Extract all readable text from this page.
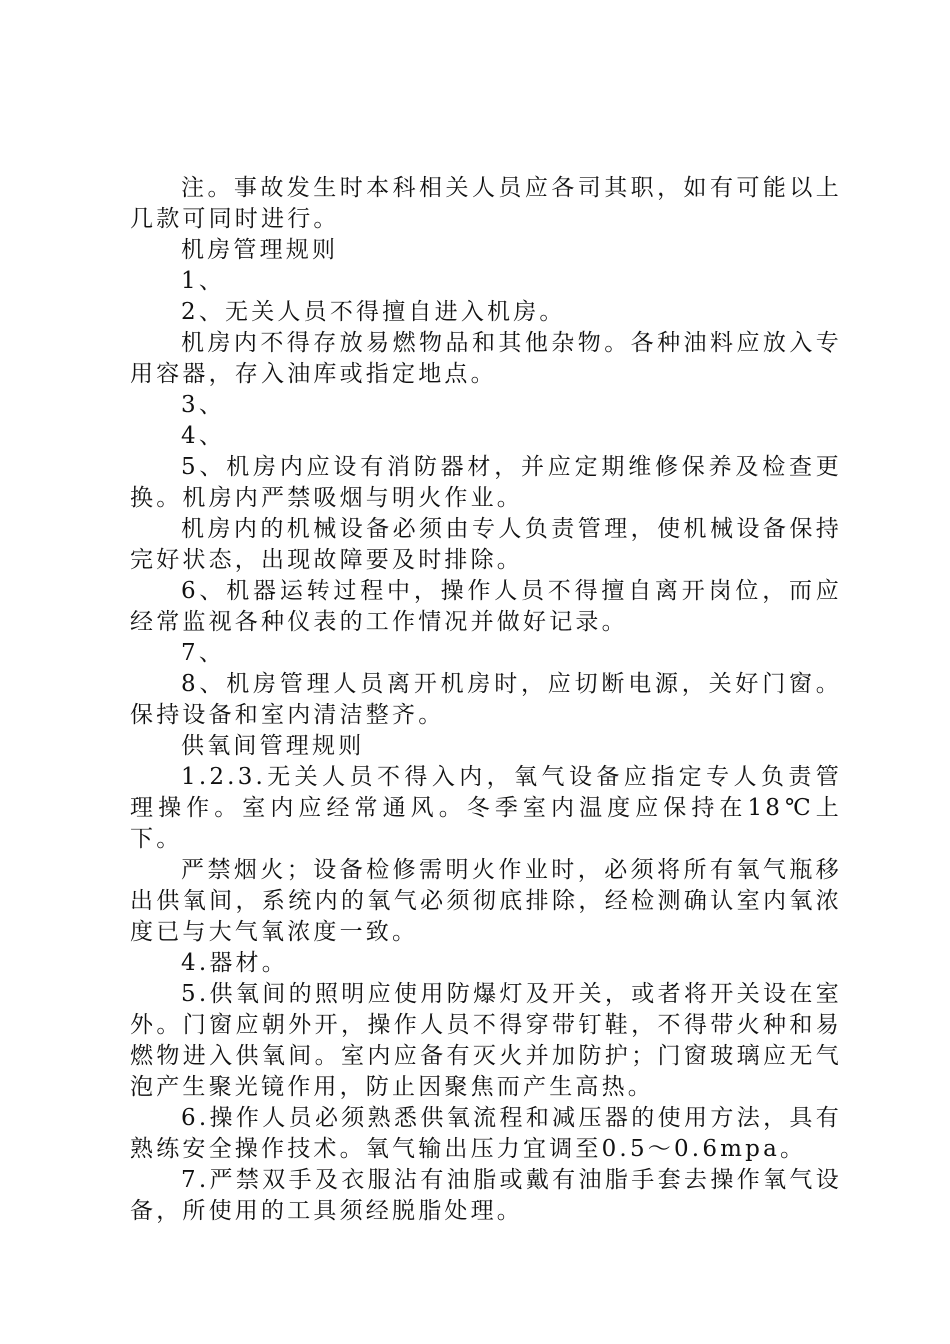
注。事故发生时本科相关人员应各司其职，如有可能以上几款可同时进行。

机房管理规则

1、

2、无关人员不得擅自进入机房。

机房内不得存放易燃物品和其他杂物。各种油料应放入专用容器，存入油库或指定地点。

3、

4、

5、机房内应设有消防器材，并应定期维修保养及检查更换。机房内严禁吸烟与明火作业。

机房内的机械设备必须由专人负责管理，使机械设备保持完好状态，出现故障要及时排除。

6、机器运转过程中，操作人员不得擅自离开岗位，而应经常监视各种仪表的工作情况并做好记录。

7、

8、机房管理人员离开机房时，应切断电源，关好门窗。保持设备和室内清洁整齐。

供氧间管理规则

1.2.3.无关人员不得入内，氧气设备应指定专人负责管理操作。室内应经常通风。冬季室内温度应保持在18℃上下。

严禁烟火；设备检修需明火作业时，必须将所有氧气瓶移出供氧间，系统内的氧气必须彻底排除，经检测确认室内氧浓度已与大气氧浓度一致。

4.器材。

5.供氧间的照明应使用防爆灯及开关，或者将开关设在室外。门窗应朝外开，操作人员不得穿带钉鞋，不得带火种和易燃物进入供氧间。室内应备有灭火并加防护；门窗玻璃应无气泡产生聚光镜作用，防止因聚焦而产生高热。

6.操作人员必须熟悉供氧流程和减压器的使用方法，具有熟练安全操作技术。氧气输出压力宜调至0.5～0.6mpa。

7.严禁双手及衣服沾有油脂或戴有油脂手套去操作氧气设备，所使用的工具须经脱脂处理。
